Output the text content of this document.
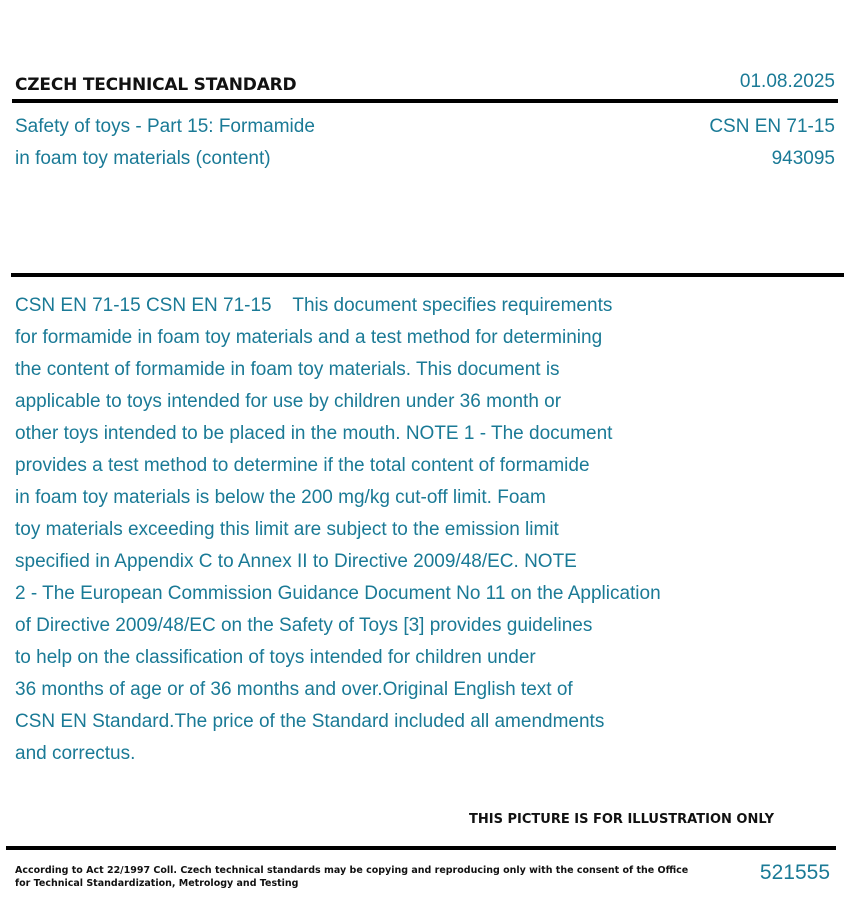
CZECH TECHNICAL STANDARD	01.08.2025
Safety of toys - Part 15: Formamide
in foam toy materials (content)
CSN EN 71-15
943095
CSN EN 71-15 CSN EN 71-15    This document specifies requirements
for formamide in foam toy materials and a test method for determining
the content of formamide in foam toy materials. This document is
applicable to toys intended for use by children under 36 month or
other toys intended to be placed in the mouth. NOTE 1 - The document
provides a test method to determine if the total content of formamide
in foam toy materials is below the 200 mg/kg cut-off limit. Foam
toy materials exceeding this limit are subject to the emission limit
specified in Appendix C to Annex II to Directive 2009/48/EC. NOTE
2 - The European Commission Guidance Document No 11 on the Application
of Directive 2009/48/EC on the Safety of Toys [3] provides guidelines
to help on the classification of toys intended for children under
36 months of age or of 36 months and over.Original English text of
CSN EN Standard.The price of the Standard included all amendments
and correctus.
THIS PICTURE IS FOR ILLUSTRATION ONLY
According to Act 22/1997 Coll. Czech technical standards may be copying and reproducing only with the consent of the Office
for Technical Standardization, Metrology and Testing	521555
